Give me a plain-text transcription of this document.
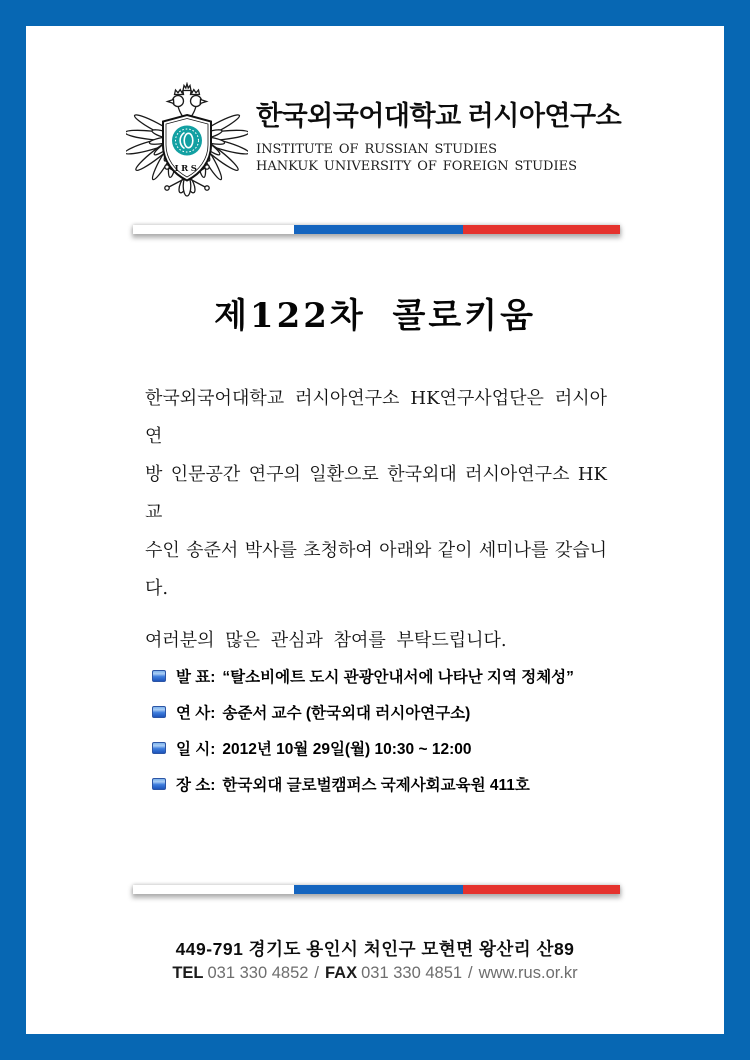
IRS
한국외국어대학교 러시아연구소
institute of russian studies
hankuk university of foreign studies
제122차 콜로키움
한국외국어대학교 러시아연구소 HK연구사업단은 러시아연
방 인문공간 연구의 일환으로 한국외대 러시아연구소 HK교
수인 송준서 박사를 초청하여 아래와 같이 세미나를 갖습니
다.
여러분의 많은 관심과 참여를 부탁드립니다.
발 표: “탈소비에트 도시 관광안내서에 나타난 지역 정체성”
연 사: 송준서 교수 (한국외대 러시아연구소)
일 시: 2012년 10월 29일(월) 10:30 ~ 12:00
장 소: 한국외대 글로벌캠퍼스 국제사회교육원 411호
449-791 경기도 용인시 처인구 모현면 왕산리 산89
TEL 031 330 4852 / FAX 031 330 4851 / www.rus.or.kr
